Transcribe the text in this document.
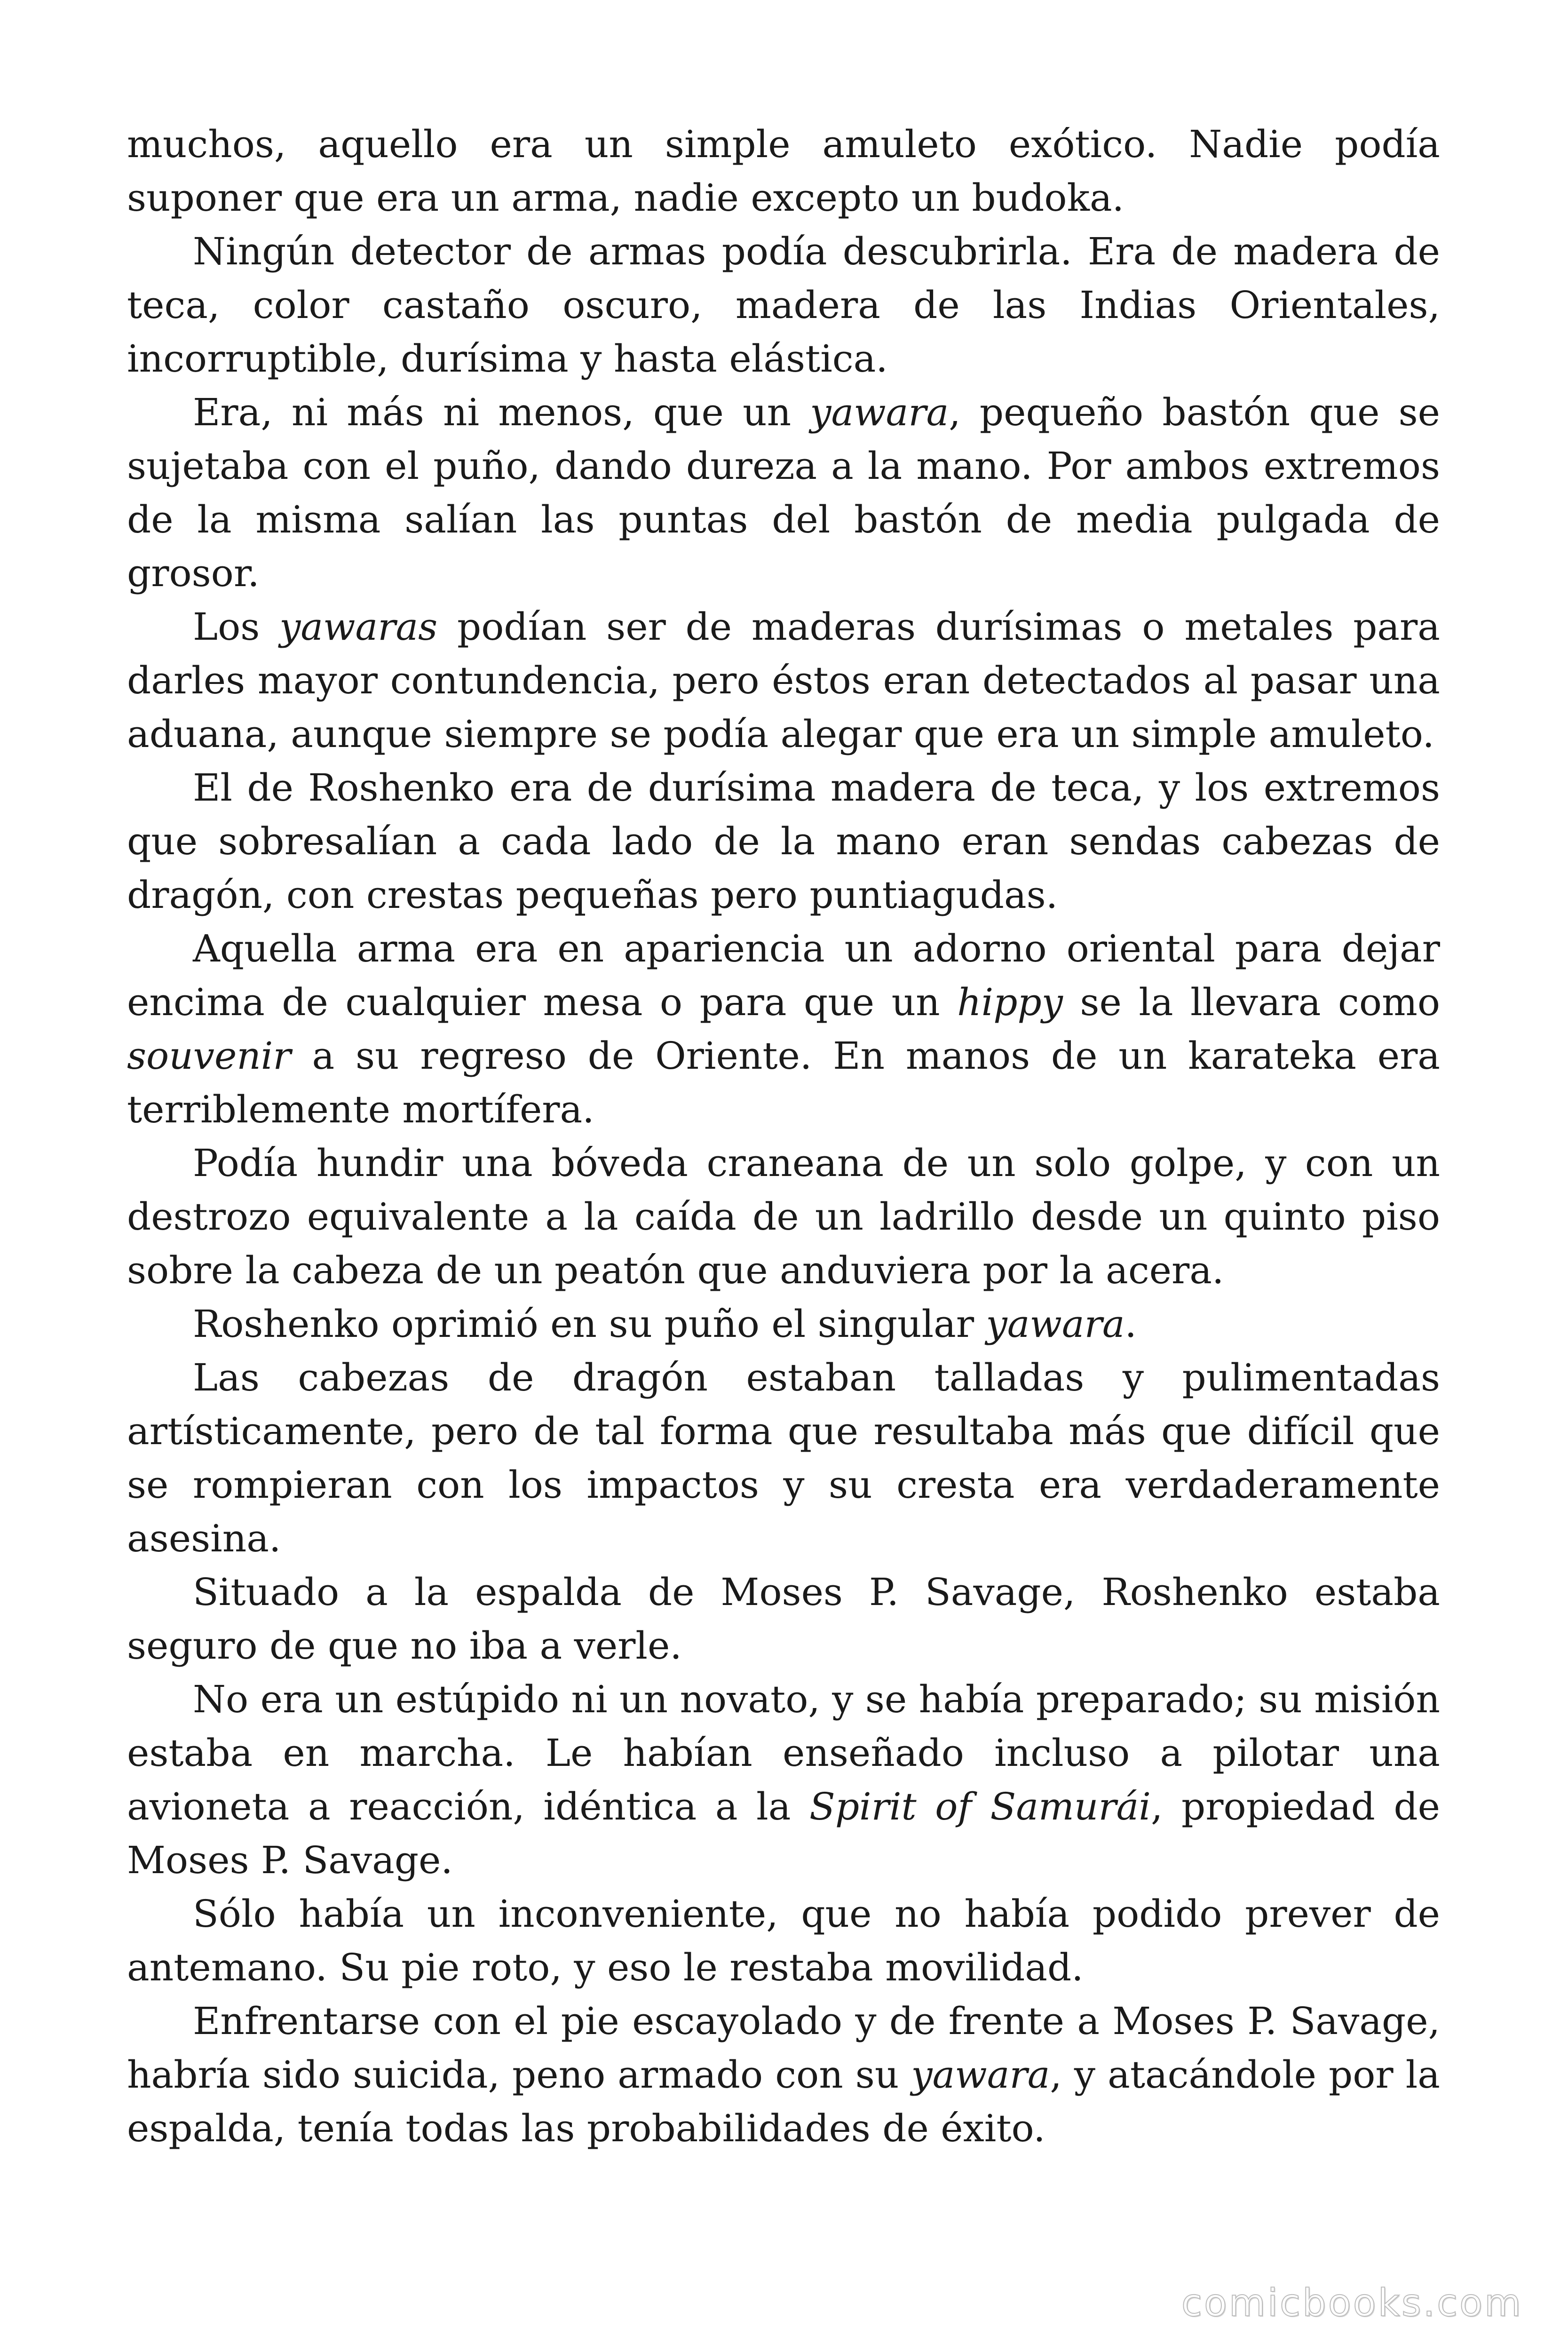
muchos, aquello era un simple amuleto exótico. Nadie podía suponer que era un arma, nadie excepto un budoka.

Ningún detector de armas podía descubrirla. Era de madera de teca, color castaño oscuro, madera de las Indias Orientales, incorruptible, durísima y hasta elástica.

Era, ni más ni menos, que un yawara, pequeño bastón que se sujetaba con el puño, dando dureza a la mano. Por ambos extremos de la misma salían las puntas del bastón de media pulgada de grosor.

Los yawaras podían ser de maderas durísimas o metales para darles mayor contundencia, pero éstos eran detectados al pasar una aduana, aunque siempre se podía alegar que era un simple amuleto.

El de Roshenko era de durísima madera de teca, y los extremos que sobresalían a cada lado de la mano eran sendas cabezas de dragón, con crestas pequeñas pero puntiagudas.

Aquella arma era en apariencia un adorno oriental para dejar encima de cualquier mesa o para que un hippy se la llevara como souvenir a su regreso de Oriente. En manos de un karateka era terriblemente mortífera.

Podía hundir una bóveda craneana de un solo golpe, y con un destrozo equivalente a la caída de un ladrillo desde un quinto piso sobre la cabeza de un peatón que anduviera por la acera.

Roshenko oprimió en su puño el singular yawara.

Las cabezas de dragón estaban talladas y pulimentadas artísticamente, pero de tal forma que resultaba más que difícil que se rompieran con los impactos y su cresta era verdaderamente asesina.

Situado a la espalda de Moses P. Savage, Roshenko estaba seguro de que no iba a verle.

No era un estúpido ni un novato, y se había preparado; su misión estaba en marcha. Le habían enseñado incluso a pilotar una avioneta a reacción, idéntica a la Spirit of Samurái, propiedad de Moses P. Savage.

Sólo había un inconveniente, que no había podido prever de antemano. Su pie roto, y eso le restaba movilidad.

Enfrentarse con el pie escayolado y de frente a Moses P. Savage, habría sido suicida, peno armado con su yawara, y atacándole por la espalda, tenía todas las probabilidades de éxito.

comicbooks.com
